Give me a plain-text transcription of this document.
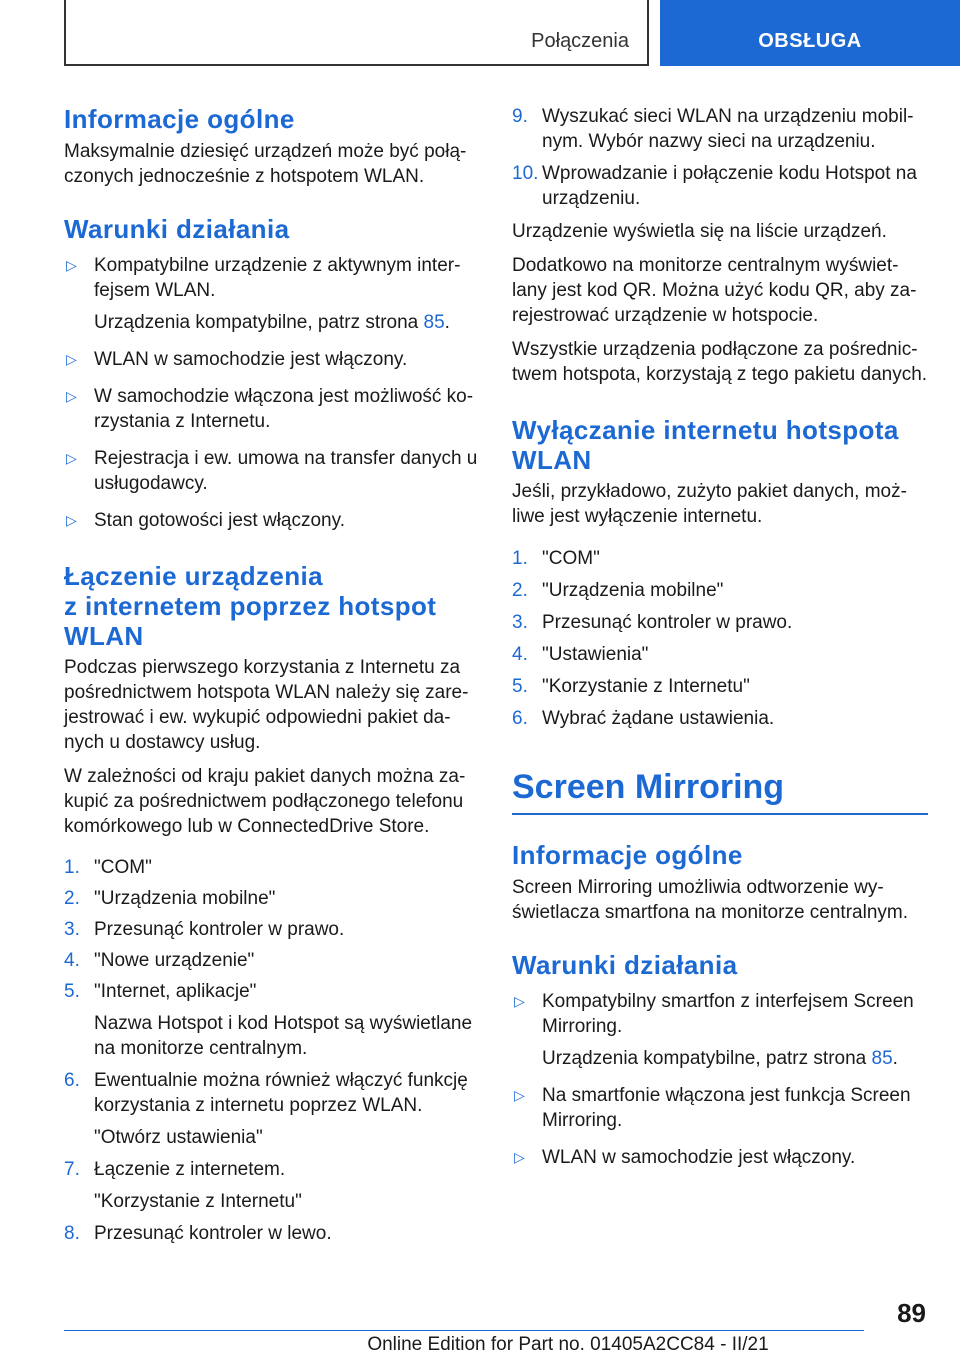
Połączenia	OBSŁUGA
Informacje ogólne

Maksymalnie dziesięć urządzeń może być połą-
czonych jednocześnie z hotspotem WLAN.

Warunki działania
▷ Kompatybilne urządzenie z aktywnym inter-
fejsem WLAN.
Urządzenia kompatybilne, patrz strona 85.
▷ WLAN w samochodzie jest włączony.
▷ W samochodzie włączona jest możliwość ko-
rzystania z Internetu.
▷ Rejestracja i ew. umowa na transfer danych u
usługodawcy.
▷ Stan gotowości jest włączony.
Łączenie urządzenia
z internetem poprzez hotspot
WLAN

Podczas pierwszego korzystania z Internetu za
pośrednictwem hotspota WLAN należy się zare-
jestrować i ew. wykupić odpowiedni pakiet da-
nych u dostawcy usług.

W zależności od kraju pakiet danych można za-
kupić za pośrednictwem podłączonego telefonu
komórkowego lub w ConnectedDrive Store.

1. "COM"
2. "Urządzenia mobilne"
3. Przesunąć kontroler w prawo.
4. "Nowe urządzenie"
5. "Internet, aplikacje"
Nazwa Hotspot i kod Hotspot są wyświetlane
na monitorze centralnym.
6. Ewentualnie można również włączyć funkcję
korzystania z internetu poprzez WLAN.
"Otwórz ustawienia"
7. Łączenie z internetem.
"Korzystanie z Internetu"
8. Przesunąć kontroler w lewo.
9. Wyszukać sieci WLAN na urządzeniu mobil-
nym. Wybór nazwy sieci na urządzeniu.
10. Wprowadzanie i połączenie kodu Hotspot na
urządzeniu.

Urządzenie wyświetla się na liście urządzeń.

Dodatkowo na monitorze centralnym wyświet-
lany jest kod QR. Można użyć kodu QR, aby za-
rejestrować urządzenie w hotspocie.

Wszystkie urządzenia podłączone za pośrednic-
twem hotspota, korzystają z tego pakietu danych.

Wyłączanie internetu hotspota
WLAN

Jeśli, przykładowo, zużyto pakiet danych, moż-
liwe jest wyłączenie internetu.

1. "COM"
2. "Urządzenia mobilne"
3. Przesunąć kontroler w prawo.
4. "Ustawienia"
5. "Korzystanie z Internetu"
6. Wybrać żądane ustawienia.
Screen Mirroring
Informacje ogólne

Screen Mirroring umożliwia odtworzenie wy-
świetlacza smartfona na monitorze centralnym.

Warunki działania
▷ Kompatybilny smartfon z interfejsem Screen
Mirroring.
Urządzenia kompatybilne, patrz strona 85.
▷ Na smartfonie włączona jest funkcja Screen
Mirroring.
▷ WLAN w samochodzie jest włączony.
89
Online Edition for Part no. 01405A2CC84 - II/21
